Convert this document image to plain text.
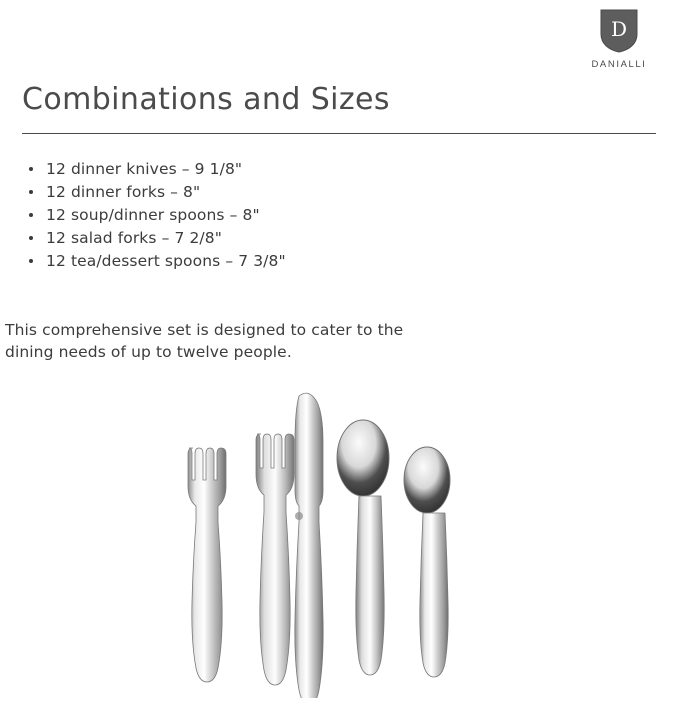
D
DANIALLI
Combinations and Sizes
12 dinner knives – 9 1/8"
12 dinner forks – 8"
12 soup/dinner spoons – 8"
12 salad forks – 7 2/8"
12 tea/dessert spoons – 7 3/8"

This comprehensive set is designed to cater to the dining needs of up to twelve people.
